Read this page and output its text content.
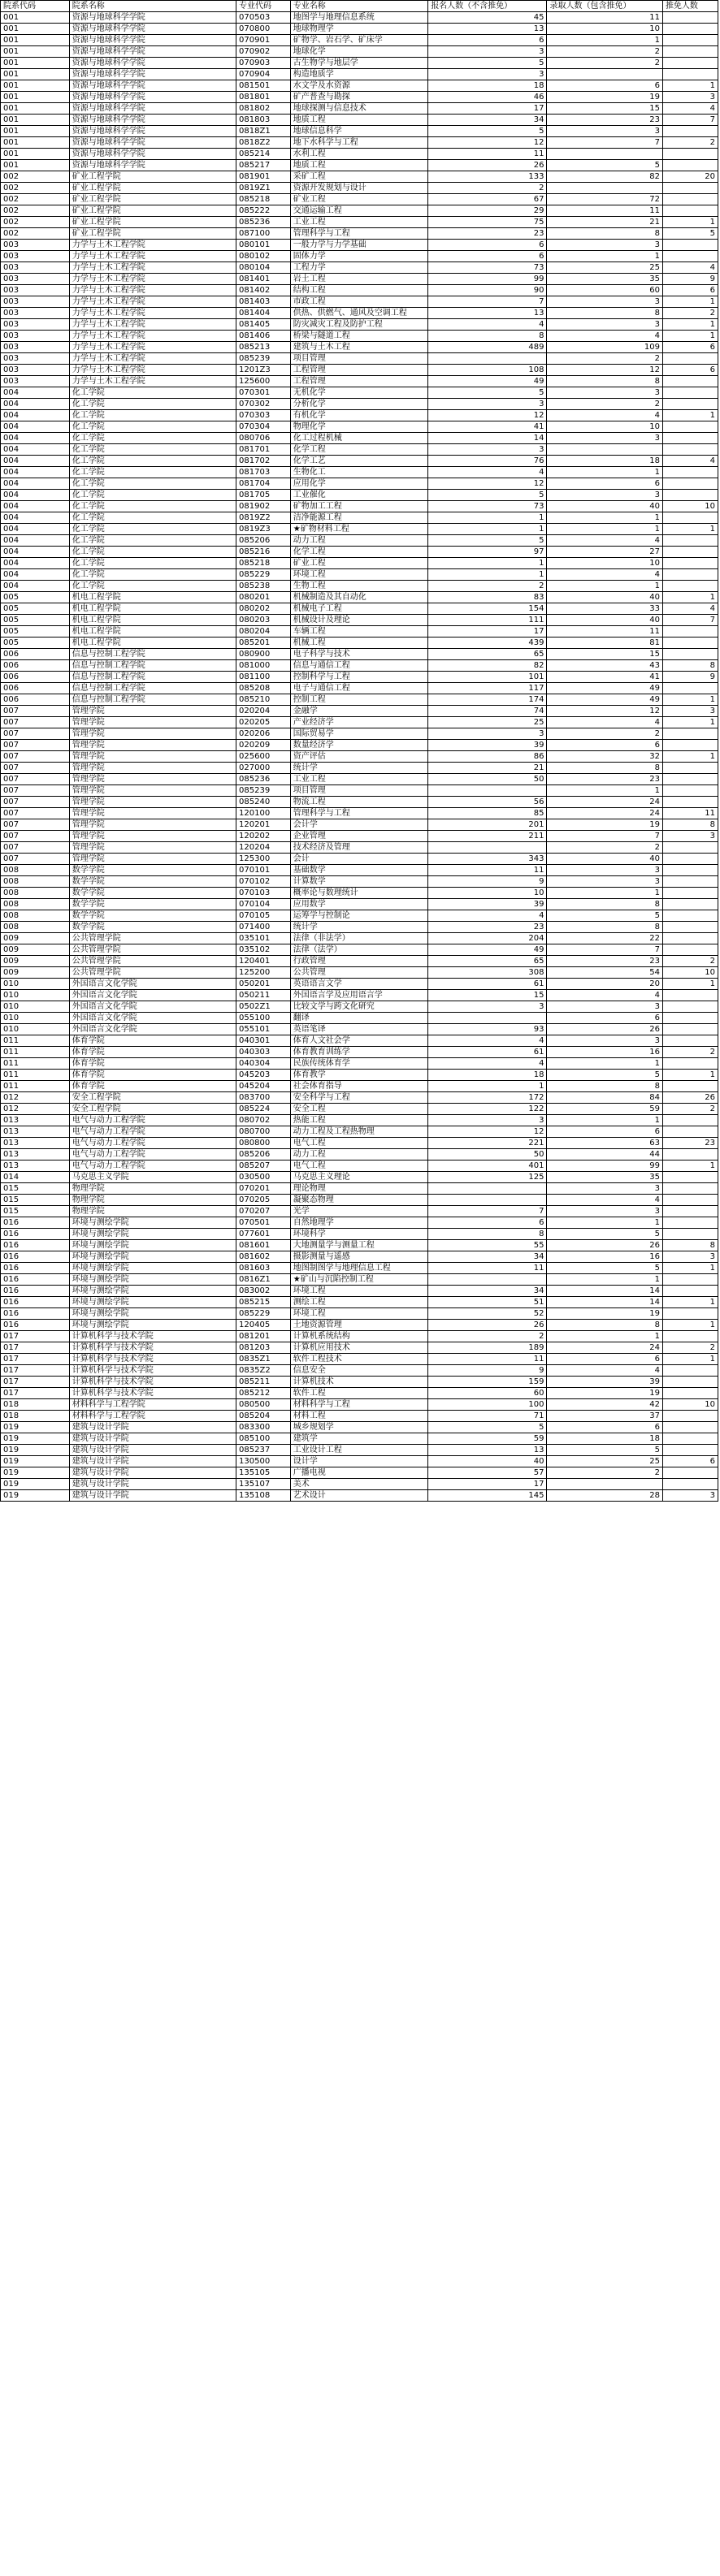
院系代码	院系名称	专业代码	专业名称	报名人数（不含推免）	录取人数（包含推免）	推免人数
001	资源与地球科学学院	070503	地图学与地理信息系统	45	11	
001	资源与地球科学学院	070800	地球物理学	13	10	
001	资源与地球科学学院	070901	矿物学、岩石学、矿床学	6	1	
001	资源与地球科学学院	070902	地球化学	3	2	
001	资源与地球科学学院	070903	古生物学与地层学	5	2	
001	资源与地球科学学院	070904	构造地质学	3		
001	资源与地球科学学院	081501	水文学及水资源	18	6	1
001	资源与地球科学学院	081801	矿产普查与勘探	46	19	3
001	资源与地球科学学院	081802	地球探测与信息技术	17	15	4
001	资源与地球科学学院	081803	地质工程	34	23	7
001	资源与地球科学学院	0818Z1	地球信息科学	5	3	
001	资源与地球科学学院	0818Z2	地下水科学与工程	12	7	2
001	资源与地球科学学院	085214	水利工程	11		
001	资源与地球科学学院	085217	地质工程	26	5	
002	矿业工程学院	081901	采矿工程	133	82	20
002	矿业工程学院	0819Z1	资源开发规划与设计	2		
002	矿业工程学院	085218	矿业工程	67	72	
002	矿业工程学院	085222	交通运输工程	29	11	
002	矿业工程学院	085236	工业工程	75	21	1
002	矿业工程学院	087100	管理科学与工程	23	8	5
003	力学与土木工程学院	080101	一般力学与力学基础	6	3	
003	力学与土木工程学院	080102	固体力学	6	1	
003	力学与土木工程学院	080104	工程力学	73	25	4
003	力学与土木工程学院	081401	岩土工程	99	35	9
003	力学与土木工程学院	081402	结构工程	90	60	6
003	力学与土木工程学院	081403	市政工程	7	3	1
003	力学与土木工程学院	081404	供热、供燃气、通风及空调工程	13	8	2
003	力学与土木工程学院	081405	防灾减灾工程及防护工程	4	3	1
003	力学与土木工程学院	081406	桥梁与隧道工程	8	4	1
003	力学与土木工程学院	085213	建筑与土木工程	489	109	6
003	力学与土木工程学院	085239	项目管理		2	
003	力学与土木工程学院	1201Z3	工程管理	108	12	6
003	力学与土木工程学院	125600	工程管理	49	8	
004	化工学院	070301	无机化学	5	3	
004	化工学院	070302	分析化学	3	2	
004	化工学院	070303	有机化学	12	4	1
004	化工学院	070304	物理化学	41	10	
004	化工学院	080706	化工过程机械	14	3	
004	化工学院	081701	化学工程	3		
004	化工学院	081702	化学工艺	76	18	4
004	化工学院	081703	生物化工	4	1	
004	化工学院	081704	应用化学	12	6	
004	化工学院	081705	工业催化	5	3	
004	化工学院	081902	矿物加工工程	73	40	10
004	化工学院	0819Z2	洁净能源工程	1	1	
004	化工学院	0819Z3	★矿物材料工程	1	1	1
004	化工学院	085206	动力工程	5	4	
004	化工学院	085216	化学工程	97	27	
004	化工学院	085218	矿业工程	1	10	
004	化工学院	085229	环境工程	1	4	
004	化工学院	085238	生物工程	2	1	
005	机电工程学院	080201	机械制造及其自动化	83	40	1
005	机电工程学院	080202	机械电子工程	154	33	4
005	机电工程学院	080203	机械设计及理论	111	40	7
005	机电工程学院	080204	车辆工程	17	11	
005	机电工程学院	085201	机械工程	439	81	
006	信息与控制工程学院	080900	电子科学与技术	65	15	
006	信息与控制工程学院	081000	信息与通信工程	82	43	8
006	信息与控制工程学院	081100	控制科学与工程	101	41	9
006	信息与控制工程学院	085208	电子与通信工程	117	49	
006	信息与控制工程学院	085210	控制工程	174	49	1
007	管理学院	020204	金融学	74	12	3
007	管理学院	020205	产业经济学	25	4	1
007	管理学院	020206	国际贸易学	3	2	
007	管理学院	020209	数量经济学	39	6	
007	管理学院	025600	资产评估	86	32	1
007	管理学院	027000	统计学	21	8	
007	管理学院	085236	工业工程	50	23	
007	管理学院	085239	项目管理		1	
007	管理学院	085240	物流工程	56	24	
007	管理学院	120100	管理科学与工程	85	24	11
007	管理学院	120201	会计学	201	19	8
007	管理学院	120202	企业管理	211	7	3
007	管理学院	120204	技术经济及管理		2	
007	管理学院	125300	会计	343	40	
008	数学学院	070101	基础数学	11	3	
008	数学学院	070102	计算数学	9	3	
008	数学学院	070103	概率论与数理统计	10	1	
008	数学学院	070104	应用数学	39	8	
008	数学学院	070105	运筹学与控制论	4	5	
008	数学学院	071400	统计学	23	8	
009	公共管理学院	035101	法律（非法学）	204	22	
009	公共管理学院	035102	法律（法学）	49	7	
009	公共管理学院	120401	行政管理	65	23	2
009	公共管理学院	125200	公共管理	308	54	10
010	外国语言文化学院	050201	英语语言文学	61	20	1
010	外国语言文化学院	050211	外国语言学及应用语言学	15	4	
010	外国语言文化学院	0502Z1	比较文学与跨文化研究	3	3	
010	外国语言文化学院	055100	翻译		6	
010	外国语言文化学院	055101	英语笔译	93	26	
011	体育学院	040301	体育人文社会学	4	3	
011	体育学院	040303	体育教育训练学	61	16	2
011	体育学院	040304	民族传统体育学	4	1	
011	体育学院	045203	体育教学	18	5	1
011	体育学院	045204	社会体育指导	1	8	
012	安全工程学院	083700	安全科学与工程	172	84	26
012	安全工程学院	085224	安全工程	122	59	2
013	电气与动力工程学院	080702	热能工程	3	1	
013	电气与动力工程学院	080700	动力工程及工程热物理	12	6	
013	电气与动力工程学院	080800	电气工程	221	63	23
013	电气与动力工程学院	085206	动力工程	50	44	
013	电气与动力工程学院	085207	电气工程	401	99	1
014	马克思主义学院	030500	马克思主义理论	125	35	
015	物理学院	070201	理论物理		3	
015	物理学院	070205	凝聚态物理		4	
015	物理学院	070207	光学	7	3	
016	环境与测绘学院	070501	自然地理学	6	1	
016	环境与测绘学院	077601	环境科学	8	5	
016	环境与测绘学院	081601	大地测量学与测量工程	55	26	8
016	环境与测绘学院	081602	摄影测量与遥感	34	16	3
016	环境与测绘学院	081603	地图制图学与地理信息工程	11	5	1
016	环境与测绘学院	0816Z1	★矿山与沉陷控制工程		1	
016	环境与测绘学院	083002	环境工程	34	14	
016	环境与测绘学院	085215	测绘工程	51	14	1
016	环境与测绘学院	085229	环境工程	52	19	
016	环境与测绘学院	120405	土地资源管理	26	8	1
017	计算机科学与技术学院	081201	计算机系统结构	2	1	
017	计算机科学与技术学院	081203	计算机应用技术	189	24	2
017	计算机科学与技术学院	0835Z1	软件工程技术	11	6	1
017	计算机科学与技术学院	0835Z2	信息安全	9	4	
017	计算机科学与技术学院	085211	计算机技术	159	39	
017	计算机科学与技术学院	085212	软件工程	60	19	
018	材料科学与工程学院	080500	材料科学与工程	100	42	10
018	材料科学与工程学院	085204	材料工程	71	37	
019	建筑与设计学院	083300	城乡规划学	5	6	
019	建筑与设计学院	085100	建筑学	59	18	
019	建筑与设计学院	085237	工业设计工程	13	5	
019	建筑与设计学院	130500	设计学	40	25	6
019	建筑与设计学院	135105	广播电视	57	2	
019	建筑与设计学院	135107	美术	17		
019	建筑与设计学院	135108	艺术设计	145	28	3
